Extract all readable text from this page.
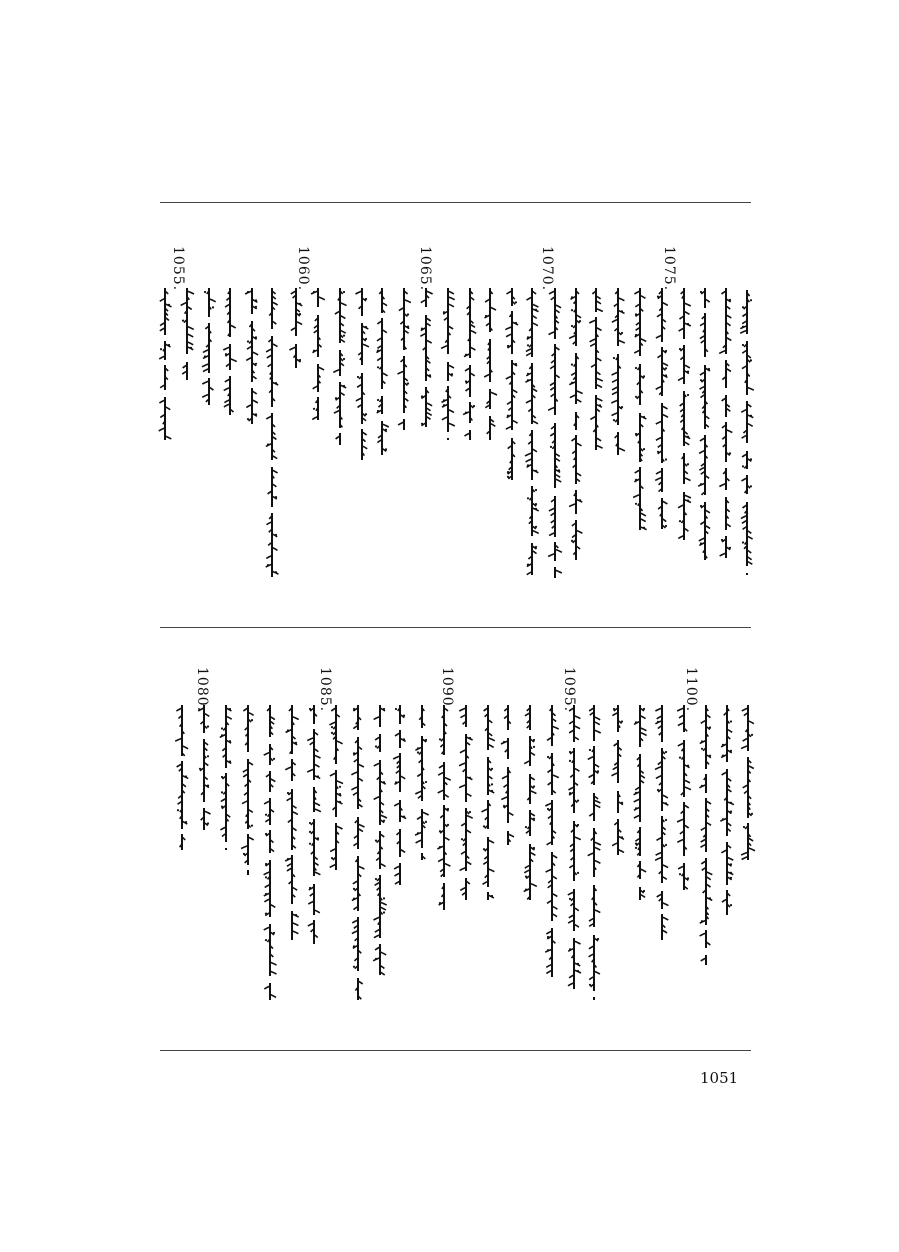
1075.
1070.
1065.
1060.
1055.
1100.
1095.
1090.
1085.
1080.
1051
